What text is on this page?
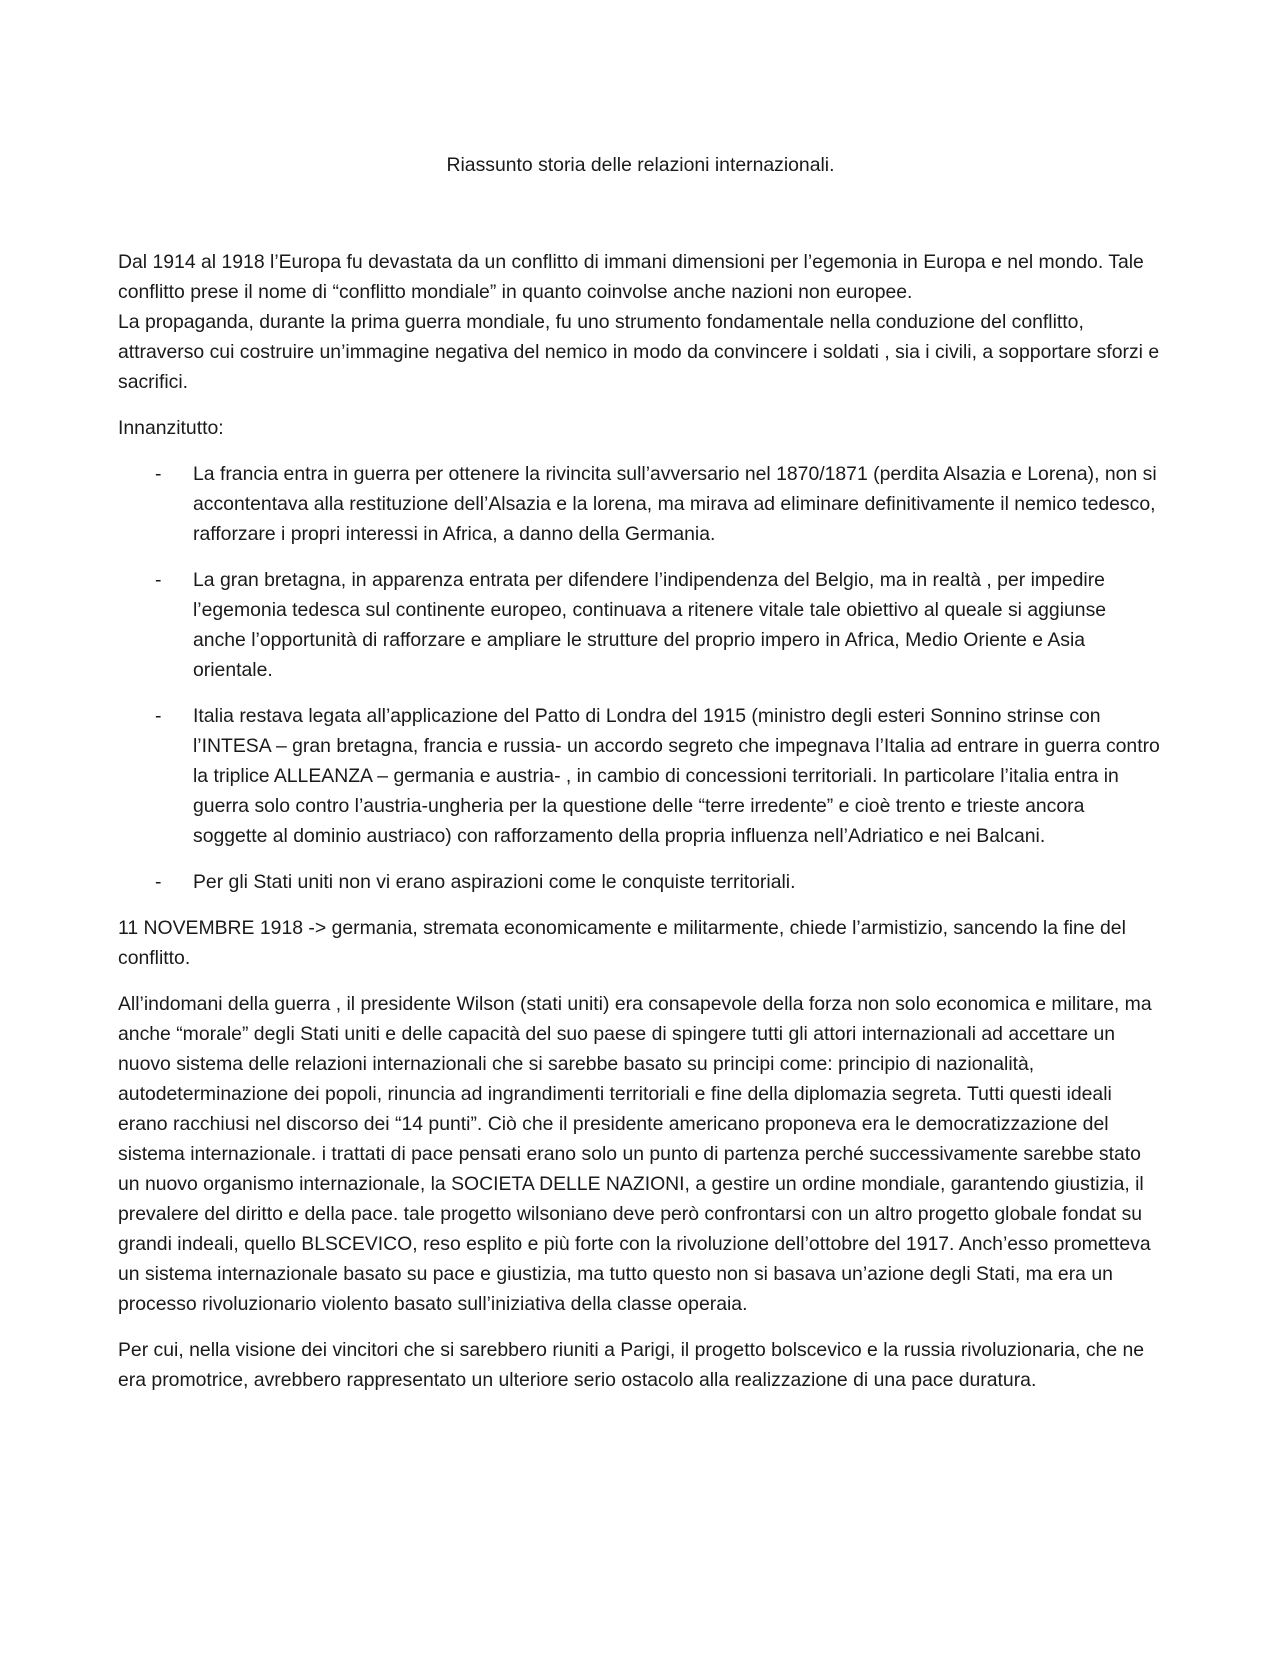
Riassunto storia delle relazioni internazionali.

Dal 1914 al 1918 l’Europa fu devastata da un conflitto di immani dimensioni per l’egemonia in Europa e nel mondo. Tale conflitto prese il nome di “conflitto mondiale” in quanto coinvolse anche nazioni non europee.

La propaganda, durante la prima guerra mondiale, fu uno strumento fondamentale nella conduzione del conflitto, attraverso cui costruire un’immagine negativa del nemico in modo da convincere i soldati , sia i civili, a sopportare sforzi e sacrifici.

Innanzitutto:

- La francia entra in guerra per ottenere la rivincita sull’avversario nel 1870/1871 (perdita Alsazia e Lorena), non si accontentava alla restituzione dell’Alsazia e la lorena, ma mirava ad eliminare definitivamente il nemico tedesco, rafforzare i propri interessi in Africa, a danno della Germania.
- La gran bretagna, in apparenza entrata per difendere l’indipendenza del Belgio, ma in realtà , per impedire l’egemonia tedesca sul continente europeo, continuava a ritenere vitale tale obiettivo al queale si aggiunse anche l’opportunità di rafforzare e ampliare le strutture del proprio impero in Africa, Medio Oriente e Asia orientale.
- Italia restava legata all’applicazione del Patto di Londra del 1915 (ministro degli esteri Sonnino strinse con l’INTESA – gran bretagna, francia e russia- un accordo segreto che impegnava l’Italia ad entrare in guerra contro la triplice ALLEANZA – germania e austria- , in cambio di concessioni territoriali. In particolare l’italia entra in guerra solo contro l’austria-ungheria per la questione delle “terre irredente” e cioè trento e trieste ancora soggette al dominio austriaco) con rafforzamento della propria influenza nell’Adriatico e nei Balcani.
- Per gli Stati uniti non vi erano aspirazioni come le conquiste territoriali.

11 NOVEMBRE 1918 -> germania, stremata economicamente e militarmente, chiede l’armistizio, sancendo la fine del conflitto.

All’indomani della guerra , il presidente Wilson (stati uniti) era consapevole della forza non solo economica e militare, ma anche “morale” degli Stati uniti e delle capacità del suo paese di spingere tutti gli attori internazionali ad accettare un nuovo sistema delle relazioni internazionali che si sarebbe basato su principi come: principio di nazionalità, autodeterminazione dei popoli, rinuncia ad ingrandimenti territoriali e fine della diplomazia segreta. Tutti questi ideali erano racchiusi nel discorso dei “14 punti”. Ciò che il presidente americano proponeva era le democratizzazione del sistema internazionale. i trattati di pace pensati erano solo un punto di partenza perché successivamente sarebbe stato un nuovo organismo internazionale, la SOCIETA DELLE NAZIONI, a gestire un ordine mondiale, garantendo giustizia, il prevalere del diritto e della pace. tale progetto wilsoniano deve però confrontarsi con un altro progetto globale fondat su grandi indeali, quello BLSCEVICO, reso esplito e più forte con la rivoluzione dell’ottobre del 1917. Anch’esso prometteva un sistema internazionale basato su pace e giustizia, ma tutto questo non si basava un’azione degli Stati, ma era un processo rivoluzionario violento basato sull’iniziativa della classe operaia.

Per cui, nella visione dei vincitori che si sarebbero riuniti a Parigi, il progetto bolscevico e la russia rivoluzionaria, che ne era promotrice, avrebbero rappresentato un ulteriore serio ostacolo alla realizzazione di una pace duratura.
